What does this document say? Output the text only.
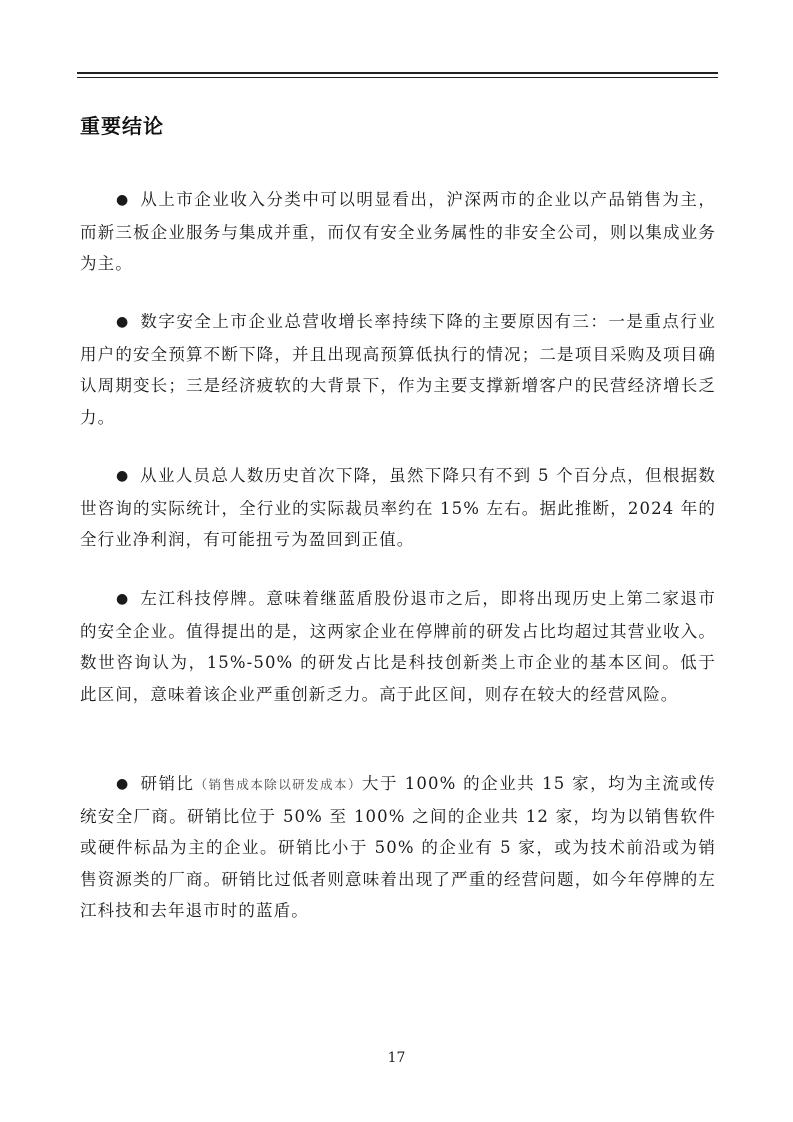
重要结论

● 从上市企业收入分类中可以明显看出，沪深两市的企业以产品销售为主，而新三板企业服务与集成并重，而仅有安全业务属性的非安全公司，则以集成业务为主。

● 数字安全上市企业总营收增长率持续下降的主要原因有三：一是重点行业用户的安全预算不断下降，并且出现高预算低执行的情况；二是项目采购及项目确认周期变长；三是经济疲软的大背景下，作为主要支撑新增客户的民营经济增长乏力。

● 从业人员总人数历史首次下降，虽然下降只有不到 5 个百分点，但根据数世咨询的实际统计，全行业的实际裁员率约在 15% 左右。据此推断，2024 年的全行业净利润，有可能扭亏为盈回到正值。

● 左江科技停牌。意味着继蓝盾股份退市之后，即将出现历史上第二家退市的安全企业。值得提出的是，这两家企业在停牌前的研发占比均超过其营业收入。数世咨询认为，15%-50% 的研发占比是科技创新类上市企业的基本区间。低于此区间，意味着该企业严重创新乏力。高于此区间，则存在较大的经营风险。

● 研销比（销售成本除以研发成本）大于 100% 的企业共 15 家，均为主流或传统安全厂商。研销比位于 50% 至 100% 之间的企业共 12 家，均为以销售软件或硬件标品为主的企业。研销比小于 50% 的企业有 5 家，或为技术前沿或为销售资源类的厂商。研销比过低者则意味着出现了严重的经营问题，如今年停牌的左江科技和去年退市时的蓝盾。

17
